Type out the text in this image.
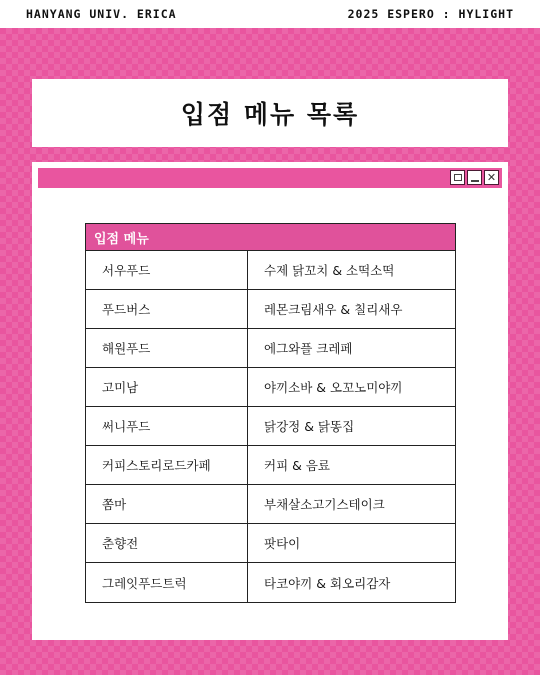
HANYANG UNIV. ERICA	2025 ESPERO : HYLIGHT
입점 메뉴 목록
✕
입점 메뉴
서우푸드	수제 닭꼬치 & 소떡소떡
푸드버스	레몬크림새우 & 칠리새우
해원푸드	에그와플 크레페
고미남	야끼소바 & 오꼬노미야끼
써니푸드	닭강정 & 닭똥집
커피스토리로드카페	커피 & 음료
쫌마	부채살소고기스테이크
춘향전	팟타이
그레잇푸드트럭	타코야끼 & 회오리감자
